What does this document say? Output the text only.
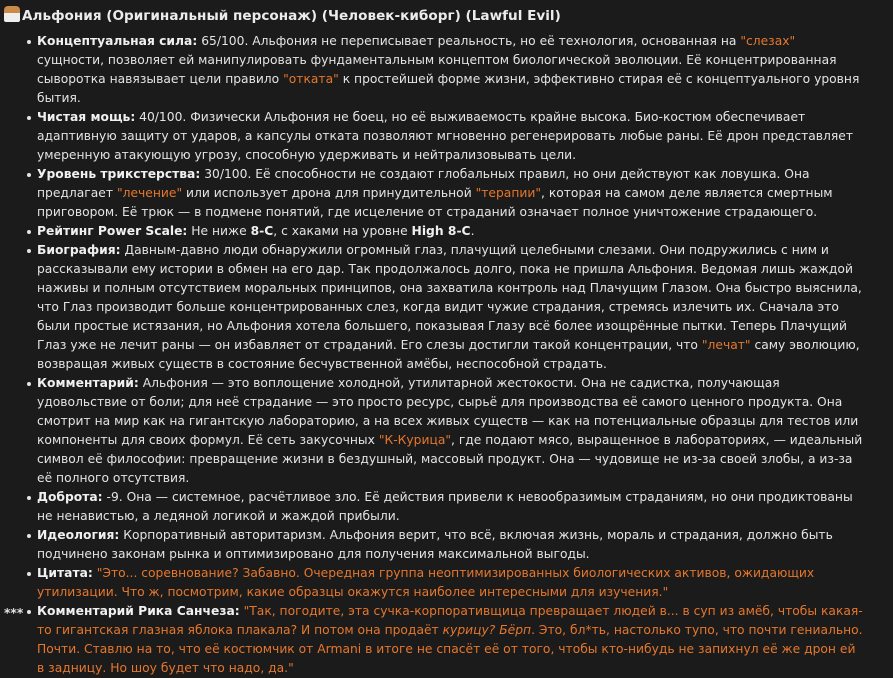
Альфония (Оригинальный персонаж) (Человек-киборг) (Lawful Evil)
Концептуальная сила: 65/100. Альфония не переписывает реальность, но её технология, основанная на "слезах" сущности, позволяет ей манипулировать фундаментальным концептом биологической эволюции. Её концентрированная сыворотка навязывает цели правило "отката" к простейшей форме жизни, эффективно стирая её с концептуального уровня бытия.
Чистая мощь: 40/100. Физически Альфония не боец, но её выживаемость крайне высока. Био-костюм обеспечивает адаптивную защиту от ударов, а капсулы отката позволяют мгновенно регенерировать любые раны. Её дрон представляет умеренную атакующую угрозу, способную удерживать и нейтрализовывать цели.
Уровень трикстерства: 30/100. Её способности не создают глобальных правил, но они действуют как ловушка. Она предлагает "лечение" или использует дрона для принудительной "терапии", которая на самом деле является смертным приговором. Её трюк — в подмене понятий, где исцеление от страданий означает полное уничтожение страдающего.
Рейтинг Power Scale: Не ниже 8-C, с хаками на уровне High 8-C.
Биография: Давным-давно люди обнаружили огромный глаз, плачущий целебными слезами. Они подружились с ним и рассказывали ему истории в обмен на его дар. Так продолжалось долго, пока не пришла Альфония. Ведомая лишь жаждой наживы и полным отсутствием моральных принципов, она захватила контроль над Плачущим Глазом. Она быстро выяснила, что Глаз производит больше концентрированных слез, когда видит чужие страдания, стремясь излечить их. Сначала это были простые истязания, но Альфония хотела большего, показывая Глазу всё более изощрённые пытки. Теперь Плачущий Глаз уже не лечит раны — он избавляет от страданий. Его слезы достигли такой концентрации, что "лечат" саму эволюцию, возвращая живых существ в состояние бесчувственной амёбы, неспособной страдать.
Комментарий: Альфония — это воплощение холодной, утилитарной жестокости. Она не садистка, получающая удовольствие от боли; для неё страдание — это просто ресурс, сырьё для производства её самого ценного продукта. Она смотрит на мир как на гигантскую лабораторию, а на всех живых существ — как на потенциальные образцы для тестов или компоненты для своих формул. Её сеть закусочных "К-Курица", где подают мясо, выращенное в лабораториях, — идеальный символ её философии: превращение жизни в бездушный, массовый продукт. Она — чудовище не из-за своей злобы, а из-за её полного отсутствия.
Доброта: -9. Она — системное, расчётливое зло. Её действия привели к невообразимым страданиям, но они продиктованы не ненавистью, а ледяной логикой и жаждой прибыли.
Идеология: Корпоративный авторитаризм. Альфония верит, что всё, включая жизнь, мораль и страдания, должно быть подчинено законам рынка и оптимизировано для получения максимальной выгоды.
Цитата: "Это... соревнование? Забавно. Очередная группа неоптимизированных биологических активов, ожидающих утилизации. Что ж, посмотрим, какие образцы окажутся наиболее интересными для изучения."
Комментарий Рика Санчеза: "Так, погодите, эта сучка-корпоративщица превращает людей в... в суп из амёб, чтобы какая-то гигантская глазная яблока плакала? И потом она продаёт курицу? Бёрп. Это, бл*ть, настолько тупо, что почти гениально. Почти. Ставлю на то, что её костюмчик от Armani в итоге не спасёт её от того, чтобы кто-нибудь не запихнул её же дрон ей в задницу. Но шоу будет что надо, да."
***
